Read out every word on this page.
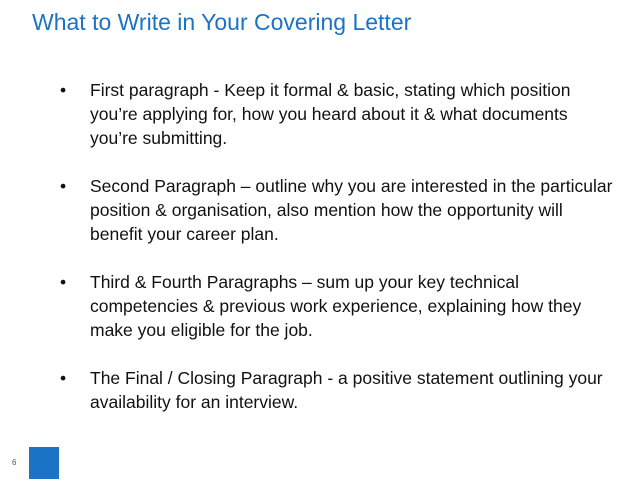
What to Write in Your Covering Letter
•	First paragraph - Keep it formal & basic, stating which position you’re applying for, how you heard about it & what documents you’re submitting.
•	Second Paragraph – outline why you are interested in the particular position & organisation, also mention how the opportunity will benefit your career plan.
•	Third & Fourth Paragraphs – sum up your key technical competencies & previous work experience, explaining how they make you eligible for the job.
•	The Final / Closing Paragraph - a positive statement outlining your availability for an interview.
6
